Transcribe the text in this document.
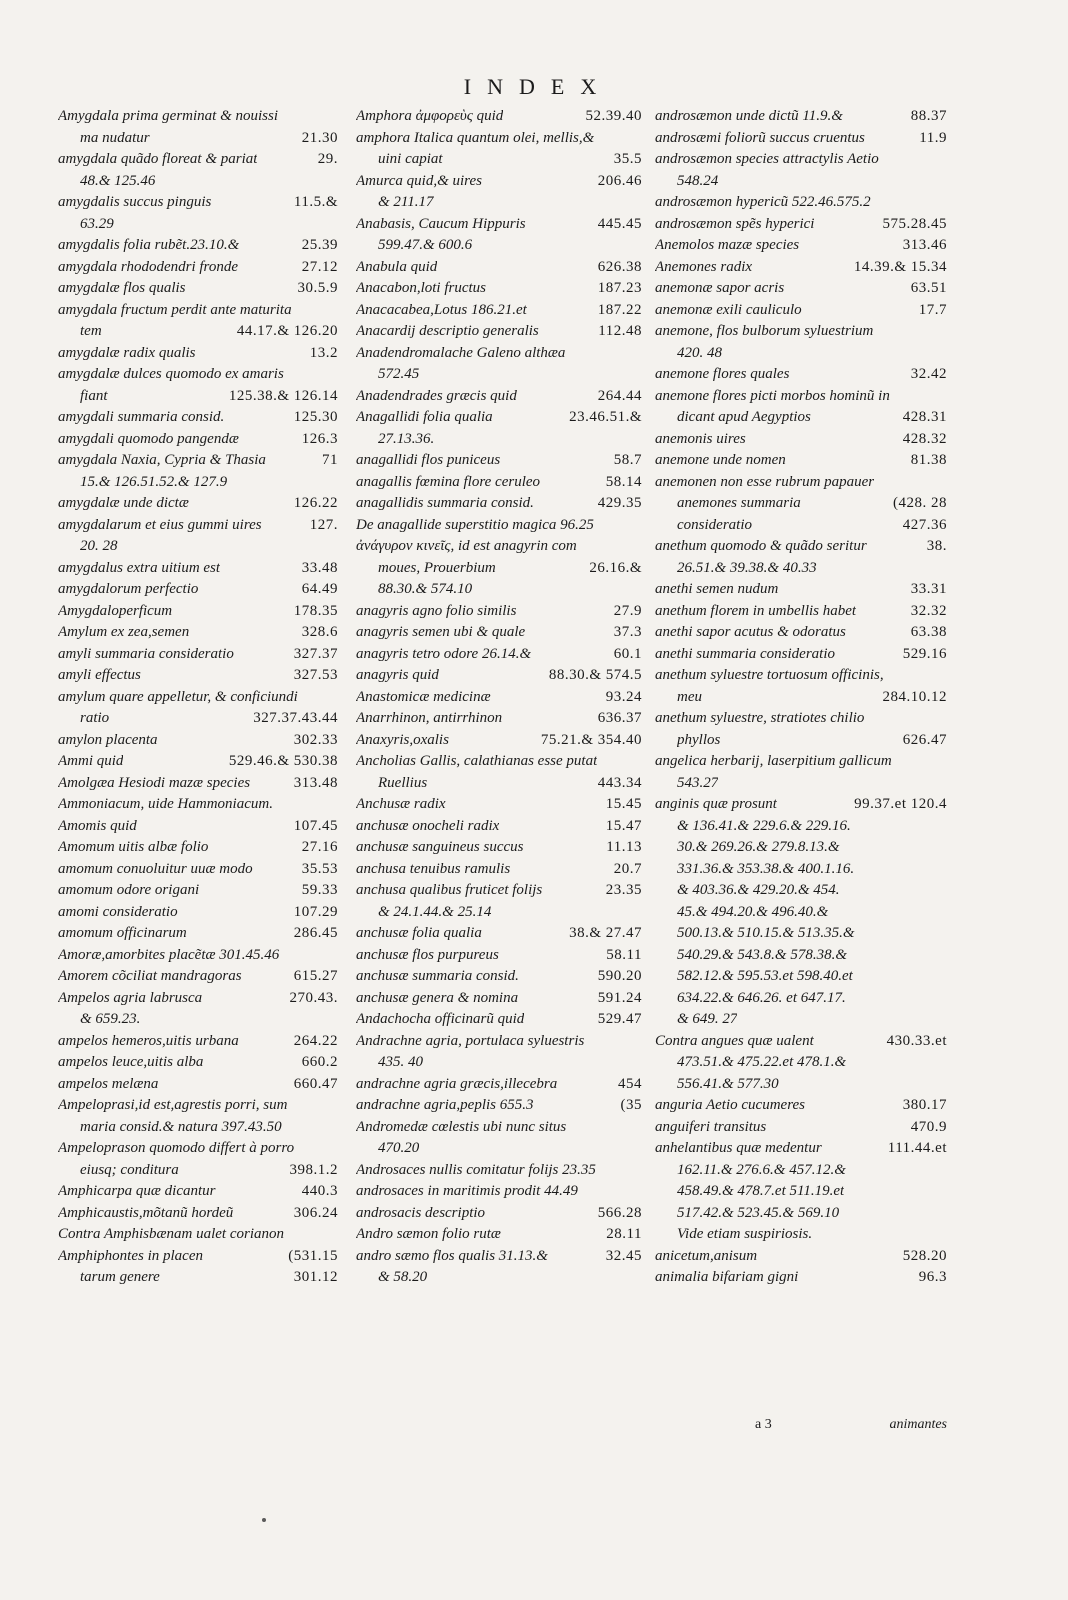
INDEX
Amygdala prima germinat & nouissi
ma nudatur	21.30
amygdala quãdo floreat & pariat	29.
48.& 125.46
amygdalis succus pinguis	11.5.&
63.29
amygdalis folia rubẽt.23.10.&	25.39
amygdala rhododendri fronde	27.12
amygdalæ flos qualis	30.5.9
amygdala fructum perdit ante maturita
tem	44.17.& 126.20
amygdalæ radix qualis	13.2
amygdalæ dulces quomodo ex amaris
fiant	125.38.& 126.14
amygdali summaria consid.	125.30
amygdali quomodo pangendæ	126.3
amygdala Naxia, Cypria & Thasia	71
15.& 126.51.52.& 127.9
amygdalæ unde dictæ	126.22
amygdalarum et eius gummi uires	127.
20. 28
amygdalus extra uitium est	33.48
amygdalorum perfectio	64.49
Amygdaloperficum	178.35
Amylum ex zea,semen	328.6
amyli summaria consideratio	327.37
amyli effectus	327.53
amylum quare appelletur, & conficiundi
ratio	327.37.43.44
amylon placenta	302.33
Ammi quid	529.46.& 530.38
Amolgæa Hesiodi mazæ species	313.48
Ammoniacum, uide Hammoniacum.
Amomis quid	107.45
Amomum uitis albæ folio	27.16
amomum conuoluitur uuæ modo	35.53
amomum odore origani	59.33
amomi consideratio	107.29
amomum officinarum	286.45
Amoræ,amorbites placẽtæ 301.45.46
Amorem cõciliat mandragoras	615.27
Ampelos agria labrusca	270.43.
& 659.23.
ampelos hemeros,uitis urbana	264.22
ampelos leuce,uitis alba	660.2
ampelos melæna	660.47
Ampeloprasi,id est,agrestis porri, sum
maria consid.& natura 397.43.50
Ampeloprason quomodo differt à porro
eiusq; conditura	398.1.2
Amphicarpa quæ dicantur	440.3
Amphicaustis,mõtanũ hordeũ	306.24
Contra Amphisbænam ualet corianon
Amphiphontes in placen	(531.15
tarum genere	301.12
Amphora ἀμφορεὺς quid	52.39.40
amphora Italica quantum olei, mellis,&
uini capiat	35.5
Amurca quid,& uires	206.46
& 211.17
Anabasis, Caucum Hippuris	445.45
599.47.& 600.6
Anabula quid	626.38
Anacabon,loti fructus	187.23
Anacacabea,Lotus 186.21.et	187.22
Anacardij descriptio generalis	112.48
Anadendromalache Galeno althæa
572.45
Anadendrades græcis quid	264.44
Anagallidi folia qualia	23.46.51.&
27.13.36.
anagallidi flos puniceus	58.7
anagallis fœmina flore ceruleo	58.14
anagallidis summaria consid.	429.35
De anagallide superstitio magica 96.25
ἀνάγυρον κινεῖς, id est anagyrin com
moues, Prouerbium	26.16.&
88.30.& 574.10
anagyris agno folio similis	27.9
anagyris semen ubi & quale	37.3
anagyris tetro odore 26.14.&	60.1
anagyris quid	88.30.& 574.5
Anastomicæ medicinæ	93.24
Anarrhinon, antirrhinon	636.37
Anaxyris,oxalis	75.21.& 354.40
Ancholias Gallis, calathianas esse putat
Ruellius	443.34
Anchusæ radix	15.45
anchusæ onocheli radix	15.47
anchusæ sanguineus succus	11.13
anchusa tenuibus ramulis	20.7
anchusa qualibus fruticet folijs	23.35
& 24.1.44.& 25.14
anchusæ folia qualia	38.& 27.47
anchusæ flos purpureus	58.11
anchusæ summaria consid.	590.20
anchusæ genera & nomina	591.24
Andachocha officinarũ quid	529.47
Andrachne agria, portulaca syluestris
435. 40
andrachne agria græcis,illecebra	454
andrachne agria,peplis 655.3	(35
Andromedæ cœlestis ubi nunc situs
470.20
Androsaces nullis comitatur folijs 23.35
androsaces in maritimis prodit 44.49
androsacis descriptio	566.28
Andro sæmon folio rutæ	28.11
andro sæmo flos qualis 31.13.&	32.45
& 58.20
androsæmon unde dictũ 11.9.&	88.37
androsæmi foliorũ succus cruentus	11.9
androsæmon species attractylis Aetio
548.24
androsæmon hypericũ 522.46.575.2
androsæmon spẽs hyperici	575.28.45
Anemolos mazæ species	313.46
Anemones radix	14.39.& 15.34
anemonæ sapor acris	63.51
anemonæ exili cauliculo	17.7
anemone, flos bulborum syluestrium
420. 48
anemone flores quales	32.42
anemone flores picti morbos hominũ in
dicant apud Aegyptios	428.31
anemonis uires	428.32
anemone unde nomen	81.38
anemonen non esse rubrum papauer
anemones summaria	(428. 28
consideratio	427.36
anethum quomodo & quãdo seritur	38.
26.51.& 39.38.& 40.33
anethi semen nudum	33.31
anethum florem in umbellis habet	32.32
anethi sapor acutus & odoratus	63.38
anethi summaria consideratio	529.16
anethum syluestre tortuosum officinis,
meu	284.10.12
anethum syluestre, stratiotes chilio
phyllos	626.47
angelica herbarij, laserpitium gallicum
543.27
anginis quæ prosunt	99.37.et 120.4
& 136.41.& 229.6.& 229.16.
30.& 269.26.& 279.8.13.&
331.36.& 353.38.& 400.1.16.
& 403.36.& 429.20.& 454.
45.& 494.20.& 496.40.&
500.13.& 510.15.& 513.35.&
540.29.& 543.8.& 578.38.&
582.12.& 595.53.et 598.40.et
634.22.& 646.26. et 647.17.
& 649. 27
Contra angues quæ ualent	430.33.et
473.51.& 475.22.et 478.1.&
556.41.& 577.30
anguria Aetio cucumeres	380.17
anguiferi transitus	470.9
anhelantibus quæ medentur	111.44.et
162.11.& 276.6.& 457.12.&
458.49.& 478.7.et 511.19.et
517.42.& 523.45.& 569.10
Vide etiam suspiriosis.
anicetum,anisum	528.20
animalia bifariam gigni	96.3
a 3	animantes
